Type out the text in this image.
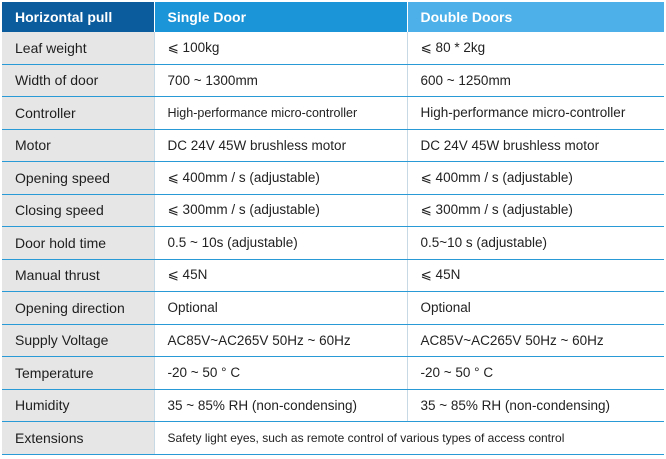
Horizontal pull	Single Door	Double Doors
Leaf weight	⩽ 100kg	⩽ 80 * 2kg
Width of door	700 ~ 1300mm	600 ~ 1250mm
Controller	High-performance micro-controller	High-performance micro-controller
Motor	DC 24V 45W brushless motor	DC 24V 45W brushless motor
Opening speed	⩽ 400mm / s (adjustable)	⩽ 400mm / s (adjustable)
Closing speed	⩽ 300mm / s (adjustable)	⩽ 300mm / s (adjustable)
Door hold time	0.5 ~ 10s (adjustable)	0.5~10 s (adjustable)
Manual thrust	⩽ 45N	⩽ 45N
Opening direction	Optional	Optional
Supply Voltage	AC85V~AC265V 50Hz ~ 60Hz	AC85V~AC265V 50Hz ~ 60Hz
Temperature	-20 ~ 50 ° C	-20 ~ 50 ° C
Humidity	35 ~ 85% RH (non-condensing)	35 ~ 85% RH (non-condensing)
Extensions	Safety light eyes, such as remote control of various types of access control	
